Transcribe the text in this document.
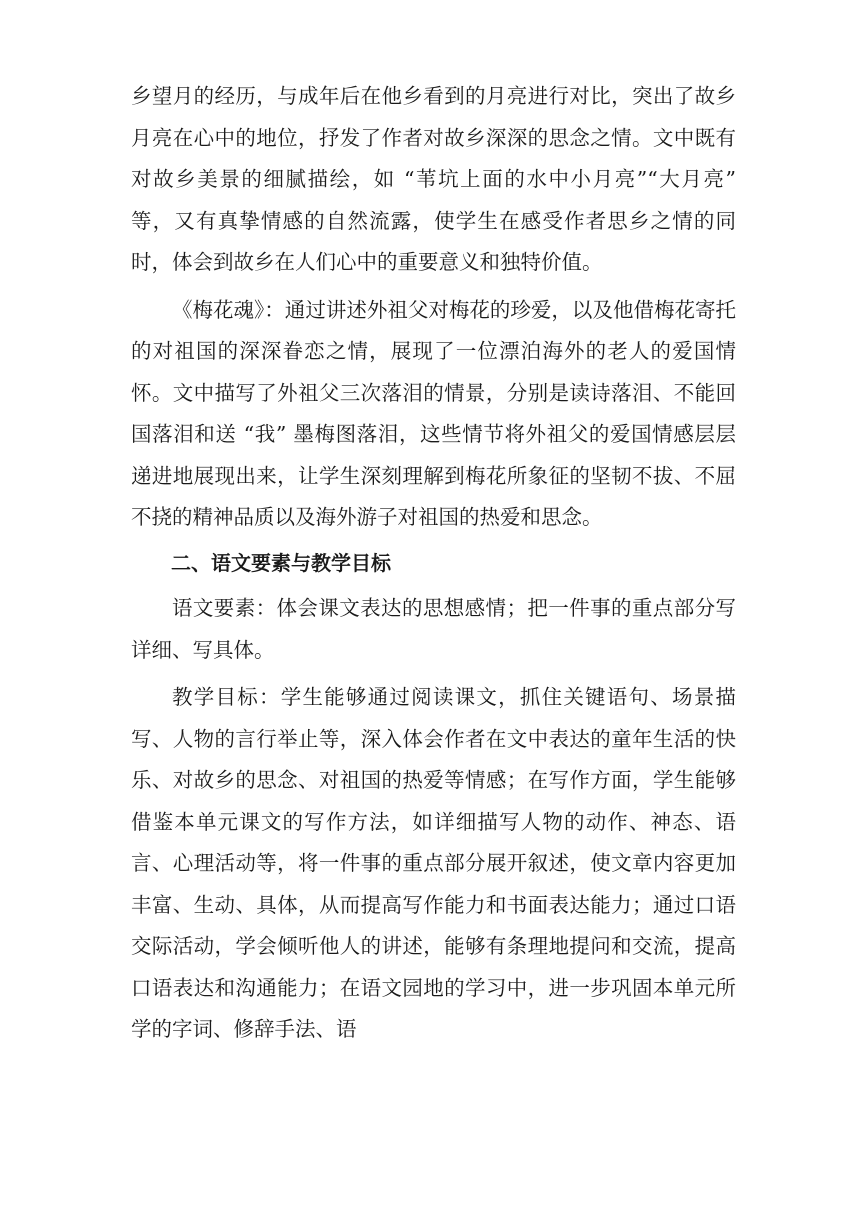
乡望月的经历，与成年后在他乡看到的月亮进行对比，突出了故乡月亮在心中的地位，抒发了作者对故乡深深的思念之情。文中既有对故乡美景的细腻描绘，如 “苇坑上面的水中小月亮”“大月亮” 等，又有真挚情感的自然流露，使学生在感受作者思乡之情的同时，体会到故乡在人们心中的重要意义和独特价值。

《梅花魂》：通过讲述外祖父对梅花的珍爱，以及他借梅花寄托的对祖国的深深眷恋之情，展现了一位漂泊海外的老人的爱国情怀。文中描写了外祖父三次落泪的情景，分别是读诗落泪、不能回国落泪和送 “我” 墨梅图落泪，这些情节将外祖父的爱国情感层层递进地展现出来，让学生深刻理解到梅花所象征的坚韧不拔、不屈不挠的精神品质以及海外游子对祖国的热爱和思念。

二、语文要素与教学目标

语文要素：体会课文表达的思想感情；把一件事的重点部分写详细、写具体。

教学目标：学生能够通过阅读课文，抓住关键语句、场景描写、人物的言行举止等，深入体会作者在文中表达的童年生活的快乐、对故乡的思念、对祖国的热爱等情感；在写作方面，学生能够借鉴本单元课文的写作方法，如详细描写人物的动作、神态、语言、心理活动等，将一件事的重点部分展开叙述，使文章内容更加丰富、生动、具体，从而提高写作能力和书面表达能力；通过口语交际活动，学会倾听他人的讲述，能够有条理地提问和交流，提高口语表达和沟通能力；在语文园地的学习中，进一步巩固本单元所学的字词、修辞手法、语
